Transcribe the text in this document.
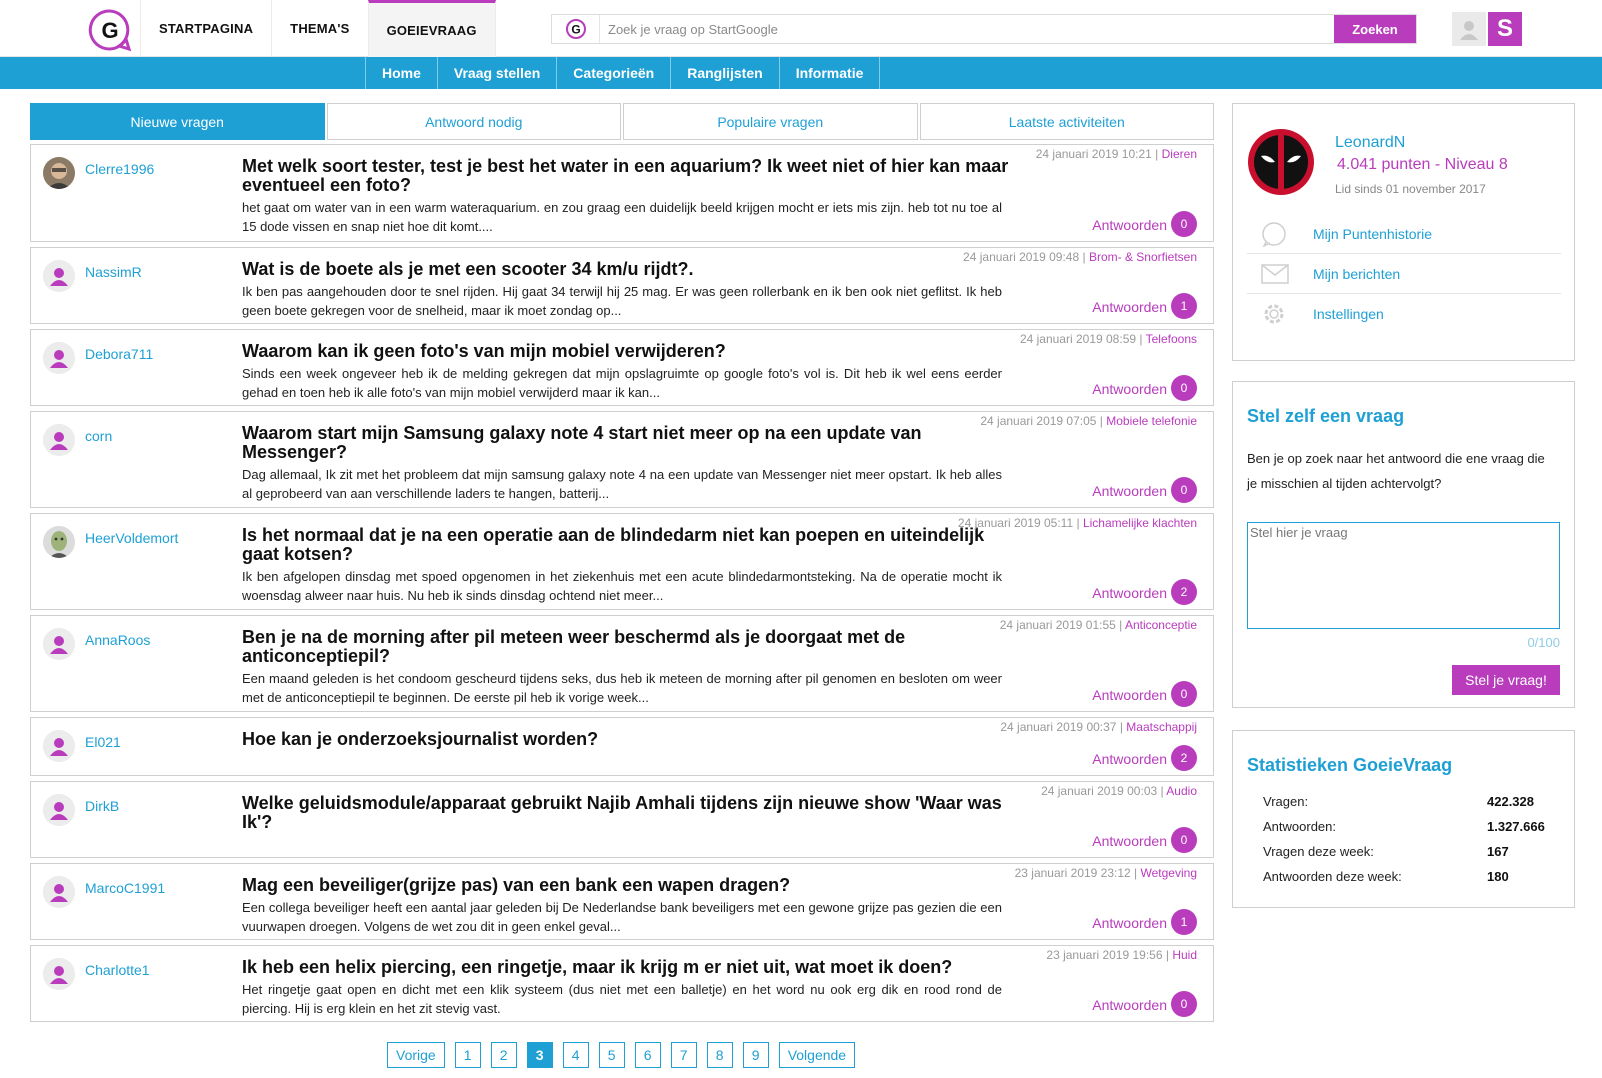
G	STARTPAGINA	THEMA'S	GOEIEVRAAG	G
Zoek je vraag op StartGoogle	Zoeken	S
Home	Vraag stellen	Categorieën	Ranglijsten	Informatie
Nieuwe vragen	Antwoord nodig	Populaire vragen	Laatste activiteiten
Clerre1996
24 januari 2019 10:21 | Dieren
Met welk soort tester, test je best het water in een aquarium? Ik weet niet of hier kan maar eventueel een foto?
het gaat om water van in een warm wateraquarium. en zou graag een duidelijk beeld krijgen mocht er iets mis zijn. heb tot nu toe al 15 dode vissen en snap niet hoe dit komt....	Antwoorden	0
NassimR
24 januari 2019 09:48 | Brom- & Snorfietsen
Wat is de boete als je met een scooter 34 km/u rijdt?.
Ik ben pas aangehouden door te snel rijden. Hij gaat 34 terwijl hij 25 mag. Er was geen rollerbank en ik ben ook niet geflitst. Ik heb geen boete gekregen voor de snelheid, maar ik moet zondag op...	Antwoorden	1
Debora711
24 januari 2019 08:59 | Telefoons
Waarom kan ik geen foto's van mijn mobiel verwijderen?
Sinds een week ongeveer heb ik de melding gekregen dat mijn opslagruimte op google foto's vol is. Dit heb ik wel eens eerder gehad en toen heb ik alle foto's van mijn mobiel verwijderd maar ik kan...	Antwoorden	0
corn
24 januari 2019 07:05 | Mobiele telefonie
Waarom start mijn Samsung galaxy note 4 start niet meer op na een update van Messenger?
Dag allemaal, Ik zit met het probleem dat mijn samsung galaxy note 4 na een update van Messenger niet meer opstart. Ik heb alles al geprobeerd van aan verschillende laders te hangen, batterij...	Antwoorden	0
HeerVoldemort
24 januari 2019 05:11 | Lichamelijke klachten
Is het normaal dat je na een operatie aan de blindedarm niet kan poepen en uiteindelijk gaat kotsen?
Ik ben afgelopen dinsdag met spoed opgenomen in het ziekenhuis met een acute blindedarmontsteking. Na de operatie mocht ik woensdag alweer naar huis. Nu heb ik sinds dinsdag ochtend niet meer...	Antwoorden	2
AnnaRoos
24 januari 2019 01:55 | Anticonceptie
Ben je na de morning after pil meteen weer beschermd als je doorgaat met de anticonceptiepil?
Een maand geleden is het condoom gescheurd tijdens seks, dus heb ik meteen de morning after pil genomen en besloten om weer met de anticonceptiepil te beginnen. De eerste pil heb ik vorige week...	Antwoorden	0
El021
24 januari 2019 00:37 | Maatschappij
Hoe kan je onderzoeksjournalist worden?
Antwoorden	2
DirkB
24 januari 2019 00:03 | Audio
Welke geluidsmodule/apparaat gebruikt Najib Amhali tijdens zijn nieuwe show 'Waar was Ik'?
Antwoorden	0
MarcoC1991
23 januari 2019 23:12 | Wetgeving
Mag een beveiliger(grijze pas) van een bank een wapen dragen?
Een collega beveiliger heeft een aantal jaar geleden bij De Nederlandse bank beveiligers met een gewone grijze pas gezien die een vuurwapen droegen. Volgens de wet zou dit in geen enkel geval...	Antwoorden	1
Charlotte1
23 januari 2019 19:56 | Huid
Ik heb een helix piercing, een ringetje, maar ik krijg m er niet uit, wat moet ik doen?
Het ringetje gaat open en dicht met een klik systeem (dus niet met een balletje) en het word nu ook erg dik en rood rond de piercing. Hij is erg klein en het zit stevig vast.	Antwoorden	0
Vorige	1	2	3	4	5	6	7	8	9	Volgende
LeonardN
4.041 punten - Niveau 8
Lid sinds 01 november 2017
Mijn Puntenhistorie
Mijn berichten
Instellingen
Stel zelf een vraag
Ben je op zoek naar het antwoord die ene vraag die je misschien al tijden achtervolgt?
Stel hier je vraag
0/100
Stel je vraag!
Statistieken GoeieVraag
Vragen:	422.328
Antwoorden:	1.327.666
Vragen deze week:	167
Antwoorden deze week:	180
